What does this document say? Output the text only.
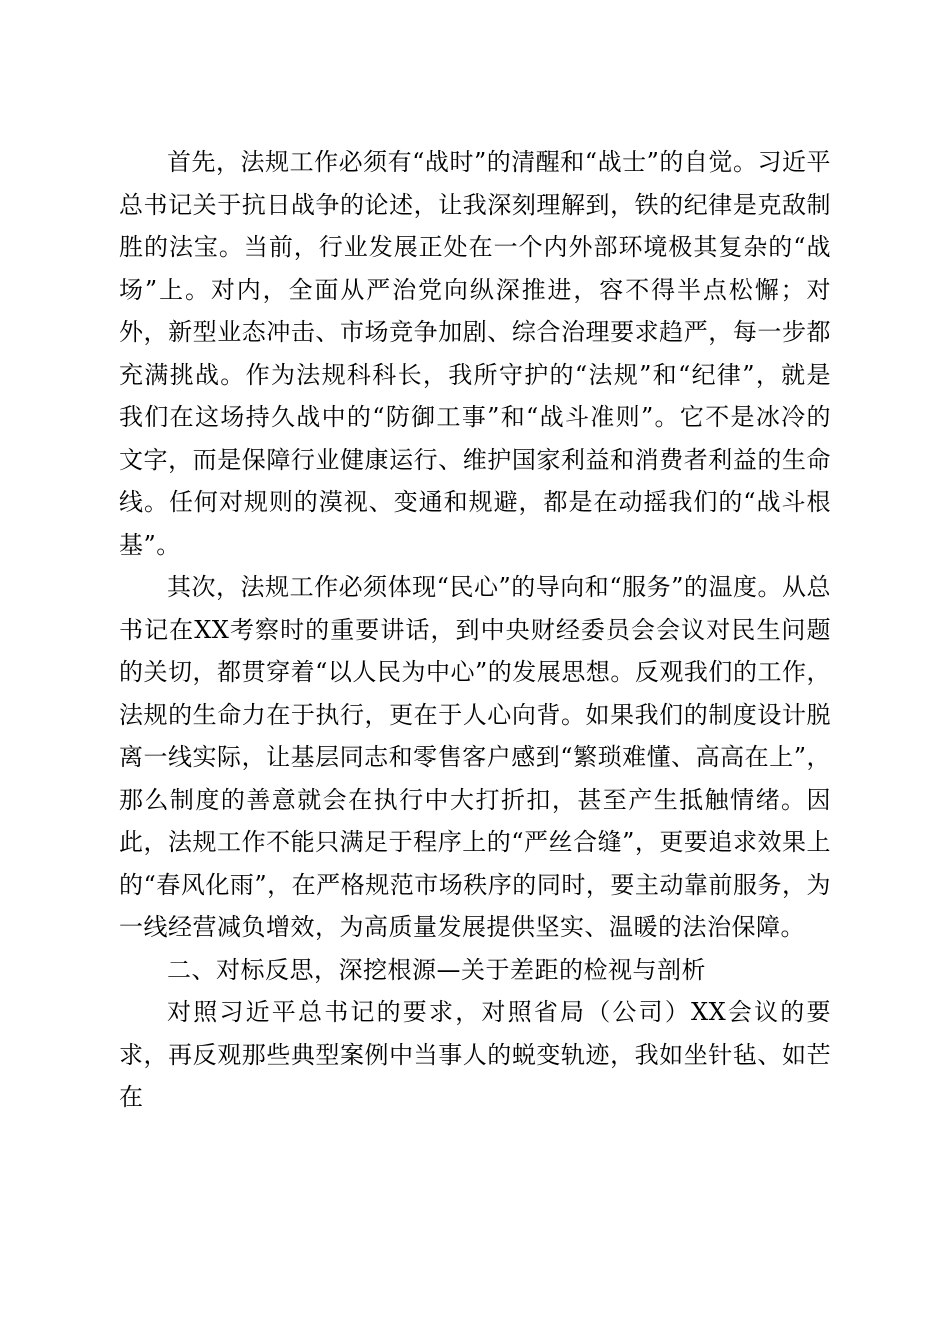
首先，法规工作必须有“战时”的清醒和“战士”的自觉。习近平总书记关于抗日战争的论述，让我深刻理解到，铁的纪律是克敌制胜的法宝。当前，行业发展正处在一个内外部环境极其复杂的“战场”上。对内，全面从严治党向纵深推进，容不得半点松懈；对外，新型业态冲击、市场竞争加剧、综合治理要求趋严，每一步都充满挑战。作为法规科科长，我所守护的“法规”和“纪律”，就是我们在这场持久战中的“防御工事”和“战斗准则”。它不是冰冷的文字，而是保障行业健康运行、维护国家利益和消费者利益的生命线。任何对规则的漠视、变通和规避，都是在动摇我们的“战斗根基”。

其次，法规工作必须体现“民心”的导向和“服务”的温度。从总书记在XX考察时的重要讲话，到中央财经委员会会议对民生问题的关切，都贯穿着“以人民为中心”的发展思想。反观我们的工作，法规的生命力在于执行，更在于人心向背。如果我们的制度设计脱离一线实际，让基层同志和零售客户感到“繁琐难懂、高高在上”，那么制度的善意就会在执行中大打折扣，甚至产生抵触情绪。因此，法规工作不能只满足于程序上的“严丝合缝”，更要追求效果上的“春风化雨”，在严格规范市场秩序的同时，要主动靠前服务，为一线经营减负增效，为高质量发展提供坚实、温暖的法治保障。

二、对标反思，深挖根源—关于差距的检视与剖析

对照习近平总书记的要求，对照省局（公司）XX会议的要求，再反观那些典型案例中当事人的蜕变轨迹，我如坐针毡、如芒在
